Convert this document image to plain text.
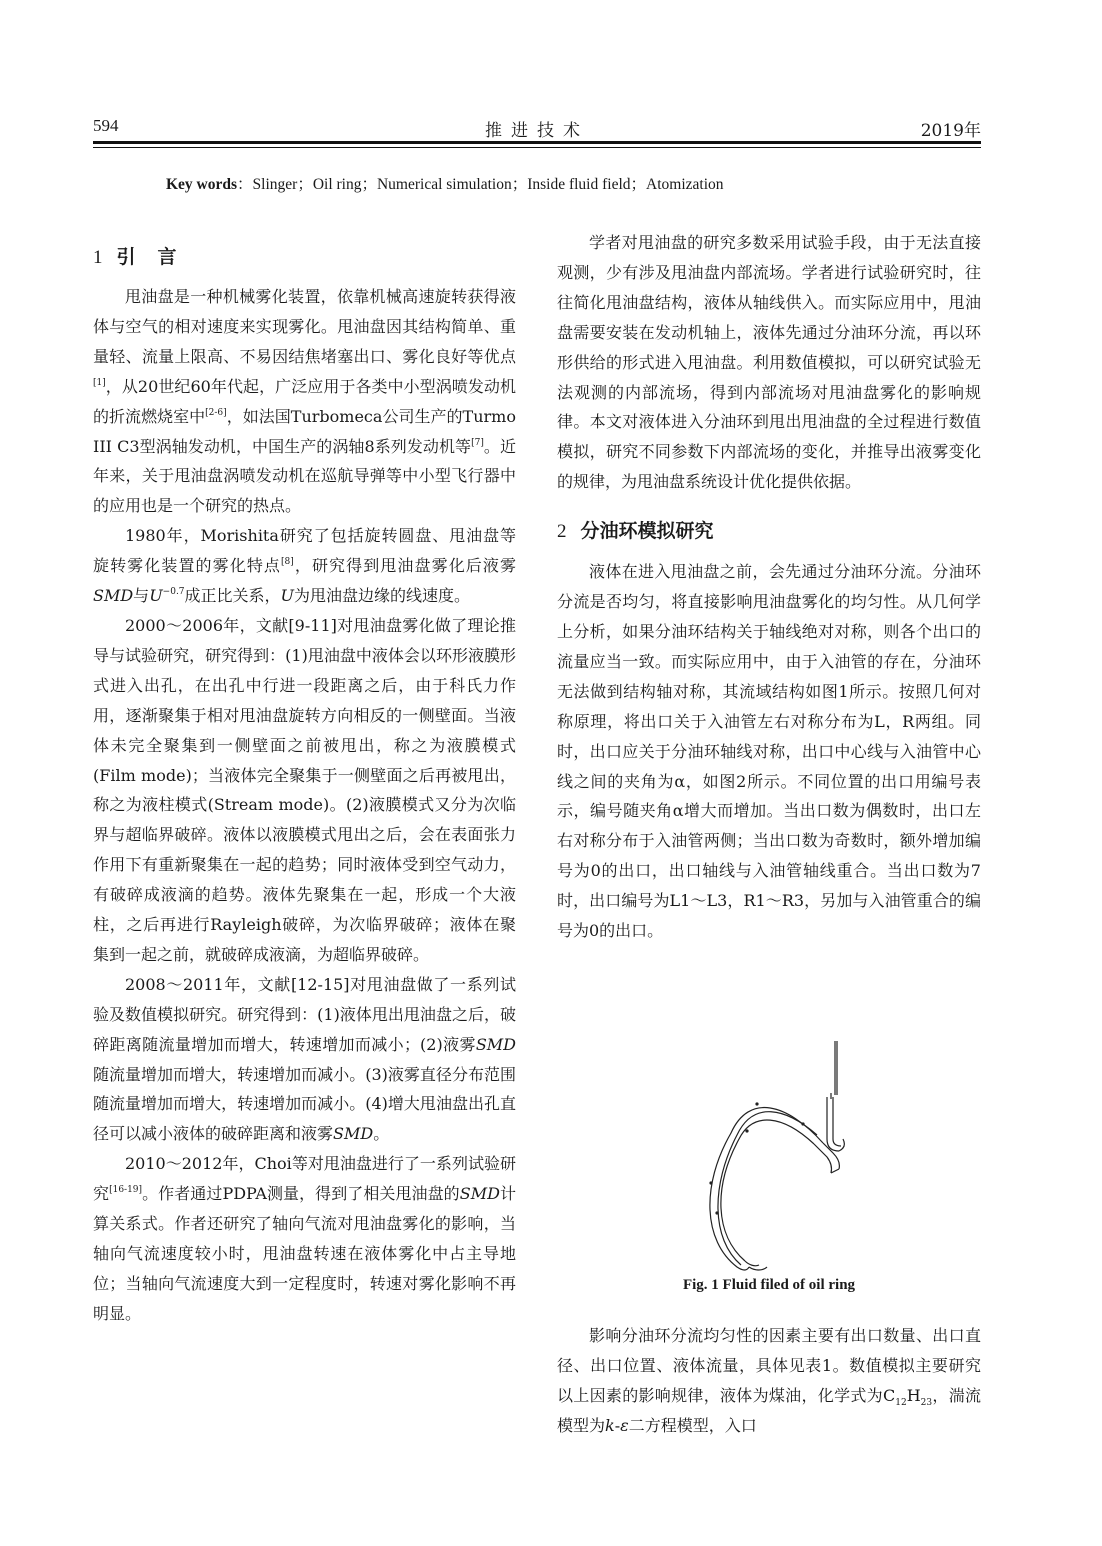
594	推进技术	2019年
Key words：Slinger；Oil ring；Numerical simulation；Inside fluid field；Atomization
1 引言

甩油盘是一种机械雾化装置，依靠机械高速旋转获得液体与空气的相对速度来实现雾化。甩油盘因其结构简单、重量轻、流量上限高、不易因结焦堵塞出口、雾化良好等优点[1]，从20世纪60年代起，广泛应用于各类中小型涡喷发动机的折流燃烧室中[2-6]，如法国Turbomeca公司生产的Turmo III C3型涡轴发动机，中国生产的涡轴8系列发动机等[7]。近年来，关于甩油盘涡喷发动机在巡航导弹等中小型飞行器中的应用也是一个研究的热点。

1980年，Morishita研究了包括旋转圆盘、甩油盘等旋转雾化装置的雾化特点[8]，研究得到甩油盘雾化后液雾SMD与$U^{-0.7}$成正比关系，U为甩油盘边缘的线速度。

2000～2006年，文献[9-11]对甩油盘雾化做了理论推导与试验研究，研究得到：(1)甩油盘中液体会以环形液膜形式进入出孔，在出孔中行进一段距离之后，由于科氏力作用，逐渐聚集于相对甩油盘旋转方向相反的一侧壁面。当液体未完全聚集到一侧壁面之前被甩出，称之为液膜模式(Film mode)；当液体完全聚集于一侧壁面之后再被甩出，称之为液柱模式(Stream mode)。(2)液膜模式又分为次临界与超临界破碎。液体以液膜模式甩出之后，会在表面张力作用下有重新聚集在一起的趋势；同时液体受到空气动力，有破碎成液滴的趋势。液体先聚集在一起，形成一个大液柱，之后再进行Rayleigh破碎，为次临界破碎；液体在聚集到一起之前，就破碎成液滴，为超临界破碎。

2008～2011年，文献[12-15]对甩油盘做了一系列试验及数值模拟研究。研究得到：(1)液体甩出甩油盘之后，破碎距离随流量增加而增大，转速增加而减小；(2)液雾SMD随流量增加而增大，转速增加而减小。(3)液雾直径分布范围随流量增加而增大，转速增加而减小。(4)增大甩油盘出孔直径可以减小液体的破碎距离和液雾SMD。

2010～2012年，Choi等对甩油盘进行了一系列试验研究[16-19]。作者通过PDPA测量，得到了相关甩油盘的SMD计算关系式。作者还研究了轴向气流对甩油盘雾化的影响，当轴向气流速度较小时，甩油盘转速在液体雾化中占主导地位；当轴向气流速度大到一定程度时，转速对雾化影响不再明显。

学者对甩油盘的研究多数采用试验手段，由于无法直接观测，少有涉及甩油盘内部流场。学者进行试验研究时，往往简化甩油盘结构，液体从轴线供入。而实际应用中，甩油盘需要安装在发动机轴上，液体先通过分油环分流，再以环形供给的形式进入甩油盘。利用数值模拟，可以研究试验无法观测的内部流场，得到内部流场对甩油盘雾化的影响规律。本文对液体进入分油环到甩出甩油盘的全过程进行数值模拟，研究不同参数下内部流场的变化，并推导出液雾变化的规律，为甩油盘系统设计优化提供依据。

2 分油环模拟研究

液体在进入甩油盘之前，会先通过分油环分流。分油环分流是否均匀，将直接影响甩油盘雾化的均匀性。从几何学上分析，如果分油环结构关于轴线绝对对称，则各个出口的流量应当一致。而实际应用中，由于入油管的存在，分油环无法做到结构轴对称，其流域结构如图1所示。按照几何对称原理，将出口关于入油管左右对称分布为L，R两组。同时，出口应关于分油环轴线对称，出口中心线与入油管中心线之间的夹角为α，如图2所示。不同位置的出口用编号表示，编号随夹角α增大而增加。当出口数为偶数时，出口左右对称分布于入油管两侧；当出口数为奇数时，额外增加编号为0的出口，出口轴线与入油管轴线重合。当出口数为7时，出口编号为L1～L3，R1～R3，另加与入油管重合的编号为0的出口。

Fig. 1 Fluid filed of oil ring

影响分油环分流均匀性的因素主要有出口数量、出口直径、出口位置、液体流量，具体见表1。数值模拟主要研究以上因素的影响规律，液体为煤油，化学式为$C_{12}H_{23}$，湍流模型为k-ε二方程模型，入口
